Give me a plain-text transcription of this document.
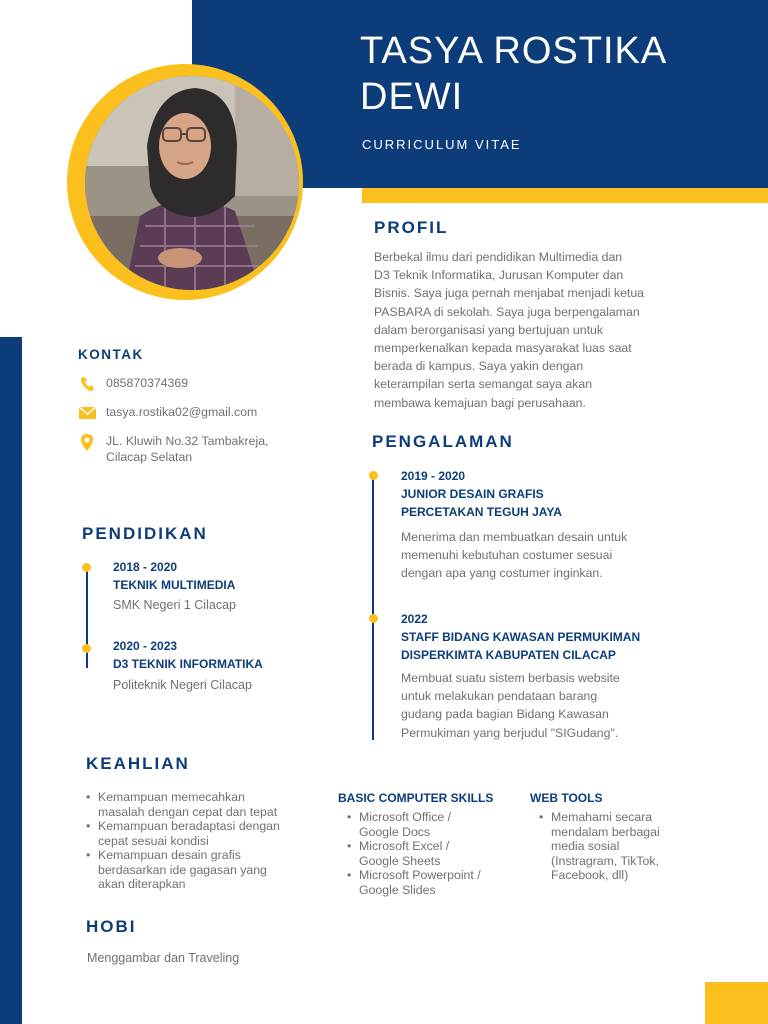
TASYA ROSTIKA
DEWI
CURRICULUM VITAE
PROFIL
Berbekal ilmu dari pendidikan Multimedia dan
D3 Teknik Informatika, Jurusan Komputer dan
Bisnis. Saya juga pernah menjabat menjadi ketua
PASBARA di sekolah. Saya juga berpengalaman
dalam berorganisasi yang bertujuan untuk
memperkenalkan kepada masyarakat luas saat
berada di kampus. Saya yakin dengan
keterampilan serta semangat saya akan
membawa kemajuan bagi perusahaan.
KONTAK
085870374369
tasya.rostika02@gmail.com
JL. Kluwih No.32 Tambakreja,
Cilacap Selatan
PENDIDIKAN
2018 - 2020
TEKNIK MULTIMEDIA
SMK Negeri 1 Cilacap
2020 - 2023
D3 TEKNIK INFORMATIKA
Politeknik Negeri Cilacap
PENGALAMAN
2019 - 2020
JUNIOR DESAIN GRAFIS
PERCETAKAN TEGUH JAYA
Menerima dan membuatkan desain untuk
memenuhi kebutuhan costumer sesuai
dengan apa yang costumer inginkan.
2022
STAFF BIDANG KAWASAN PERMUKIMAN
DISPERKIMTA KABUPATEN CILACAP
Membuat suatu sistem berbasis website
untuk melakukan pendataan barang
gudang pada bagian Bidang Kawasan
Permukiman yang berjudul "SIGudang".
KEAHLIAN
• Kemampuan memecahkan
masalah dengan cepat dan tepat
• Kemampuan beradaptasi dengan
cepat sesuai kondisi
• Kemampuan desain grafis
berdasarkan ide gagasan yang
akan diterapkan
BASIC COMPUTER SKILLS
• Microsoft Office /
Google Docs
• Microsoft Excel /
Google Sheets
• Microsoft Powerpoint /
Google Slides
WEB TOOLS
• Memahami secara
mendalam berbagai
media sosial
(Instragram, TikTok,
Facebook, dll)
HOBI
Menggambar dan Traveling
